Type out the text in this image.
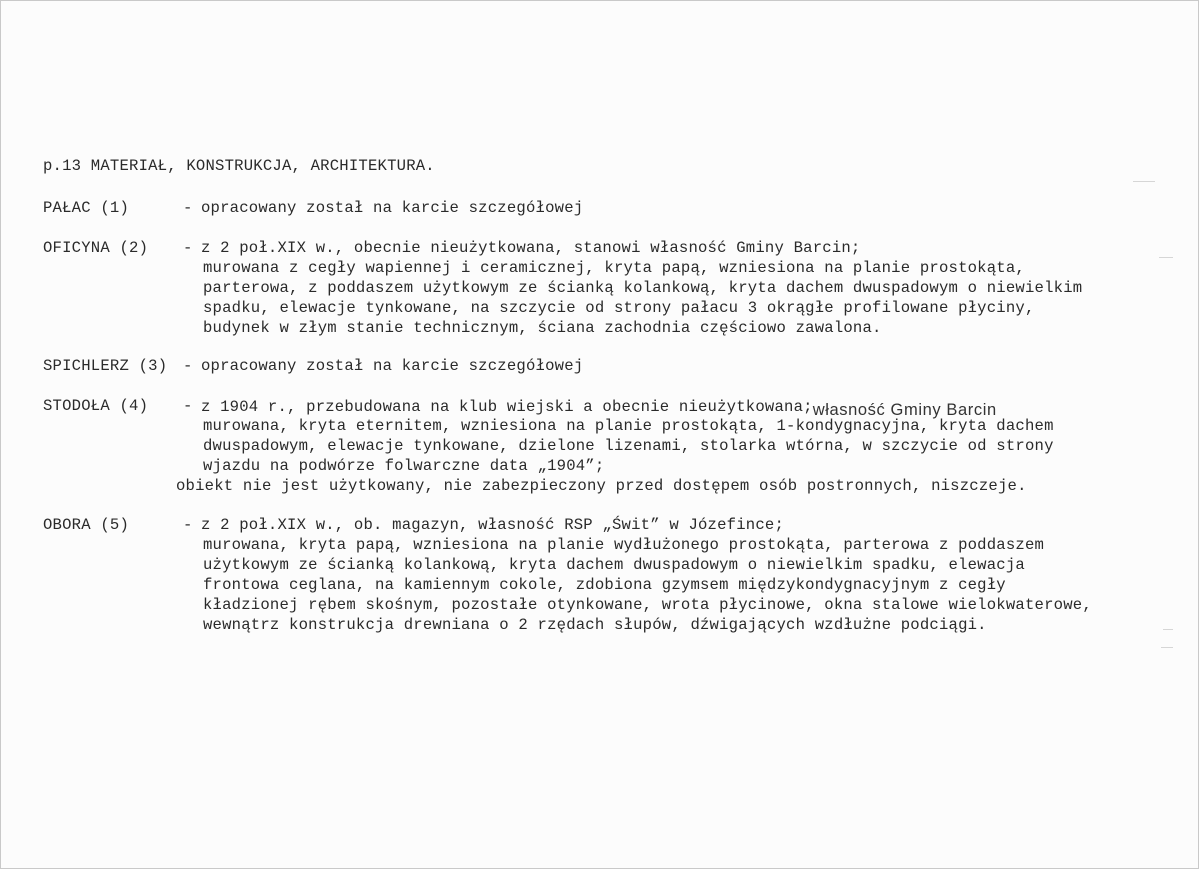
p.13 MATERIAŁ, KONSTRUKCJA, ARCHITEKTURA.

PAŁAC (1)

	-

opracowany został na karcie szczegółowej

OFICYNA (2)

-

z 2 poł.XIX w., obecnie nieużytkowana, stanowi własność Gminy Barcin;

murowana z cegły wapiennej i ceramicznej, kryta papą, wzniesiona na planie prostokąta,
parterowa, z poddaszem użytkowym ze ścianką kolankową, kryta dachem dwuspadowym o niewielkim
spadku, elewacje tynkowane, na szczycie od strony pałacu 3 okrągłe profilowane płyciny,
budynek w złym stanie technicznym, ściana zachodnia częściowo zawalona.

SPICHLERZ (3)

-

opracowany został na karcie szczegółowej

STODOŁA (4)

-

z 1904 r., przebudowana na klub wiejski a obecnie nieużytkowana;własność Gminy Barcin

murowana, kryta eternitem, wzniesiona na planie prostokąta, 1-kondygnacyjna, kryta dachem
dwuspadowym, elewacje tynkowane, dzielone lizenami, stolarka wtórna, w szczycie od strony
wjazdu na podwórze folwarczne data „1904”;

obiekt nie jest użytkowany, nie zabezpieczony przed dostępem osób postronnych, niszczeje.

OBORA (5)

	-

z 2 poł.XIX w., ob. magazyn, własność RSP „Świt” w Józefince;

murowana, kryta papą, wzniesiona na planie wydłużonego prostokąta, parterowa z poddaszem
użytkowym ze ścianką kolankową, kryta dachem dwuspadowym o niewielkim spadku, elewacja
frontowa ceglana, na kamiennym cokole, zdobiona gzymsem międzykondygnacyjnym z cegły
kładzionej rębem skośnym, pozostałe otynkowane, wrota płycinowe, okna stalowe wielokwaterowe,
wewnątrz konstrukcja drewniana o 2 rzędach słupów, dźwigających wzdłużne podciągi.
